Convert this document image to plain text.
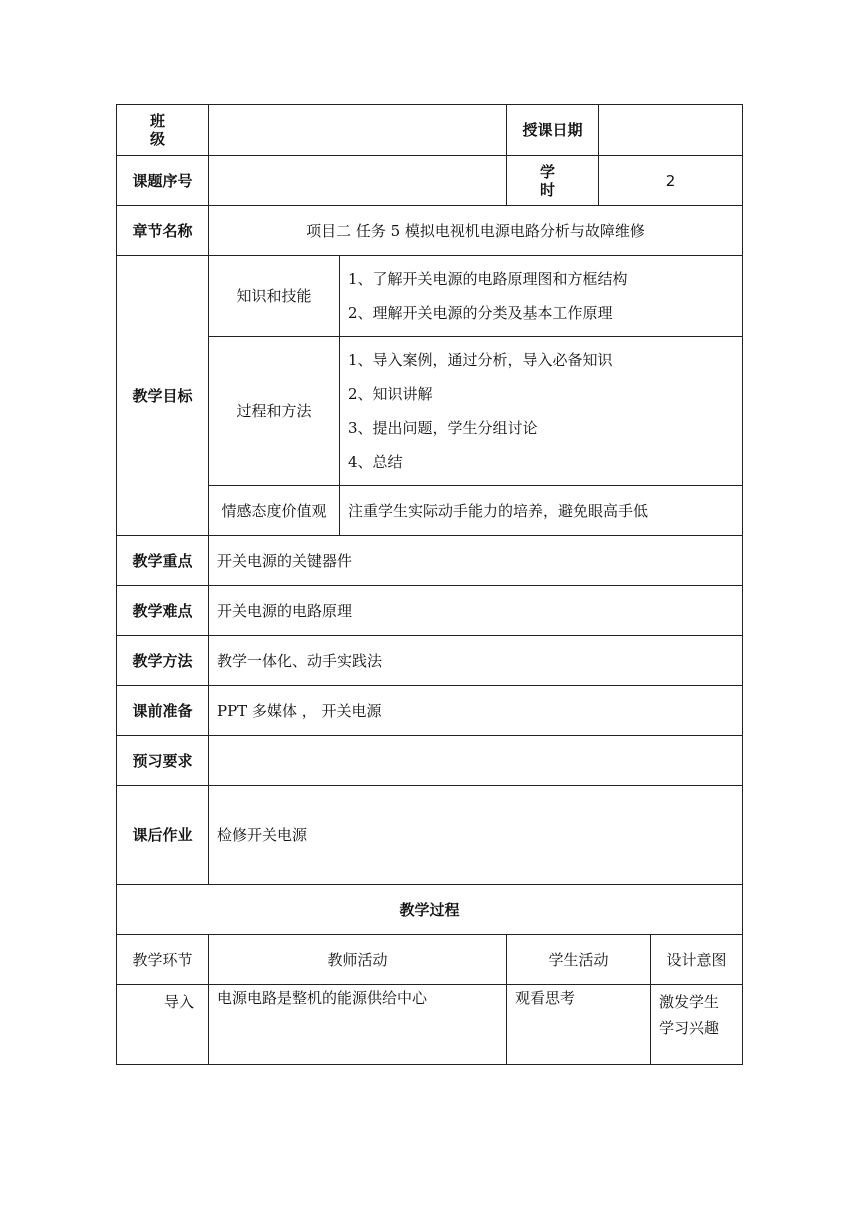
班级			授课日期		
课题序号			学时	2	
章节名称	项目二 任务 5 模拟电视机电源电路分析与故障维修				
教学目标	知识和技能	1、了解开关电源的电路原理图和方框结构
2、理解开关电源的分类及基本工作原理			

	过程和方法	1、导入案例，通过分析，导入必备知识
2、知识讲解
3、提出问题，学生分组讨论
4、总结			

	情感态度价值观	注重学生实际动手能力的培养，避免眼高手低			
教学重点	开关电源的关键器件				
教学难点	开关电源的电路原理				
教学方法	教学一体化、动手实践法				
课前准备	PPT 多媒体 ， 开关电源				
预习要求					
课后作业	检修开关电源				
教学过程					
教学环节	教师活动		学生活动		设计意图
导入	电源电路是整机的能源供给中心		观看思考		激发学生
学习兴趣
